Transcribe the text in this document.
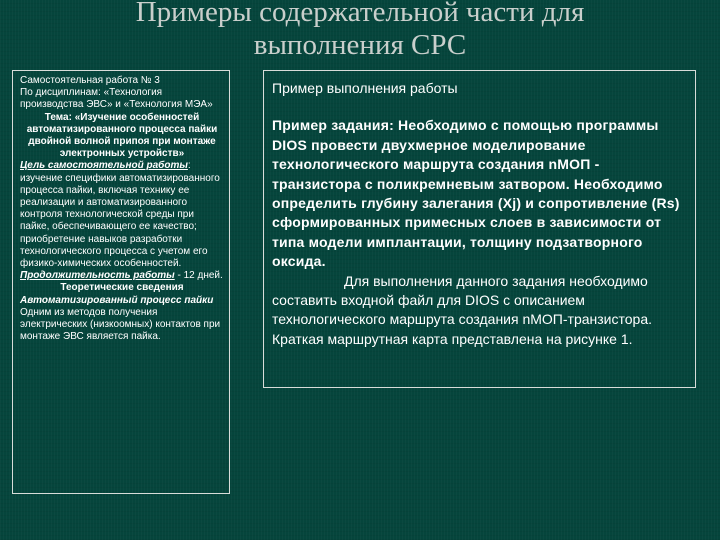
Примеры содержательной части для
выполнения СРС

Самостоятельная работа № 3

По дисциплинам: «Технология производства ЭВС» и «Технология МЭА»

Тема: «Изучение особенностей автоматизированного процесса пайки двойной волной припоя при монтаже электронных устройств»

Цель самостоятельной работы: изучение специфики автоматизированного процесса пайки, включая технику ее реализации и автоматизированного контроля технологической среды при пайке, обеспечивающего ее качество; приобретение навыков разработки технологического процесса с учетом его физико-химических особенностей.

Продолжительность работы - 12 дней.

Теоретические сведения

Автоматизированный процесс пайки

Одним из методов получения электрических (низкоомных) контактов при монтаже ЭВС является пайка.

Пример выполнения работы

Пример задания: Необходимо с помощью программы DIOS провести двухмерное моделирование технологического маршрута создания nМОП - транзистора с поликремневым затвором. Необходимо определить глубину залегания (Xj) и сопротивление (Rs) сформированных примесных слоев в зависимости от типа модели имплантации, толщину подзатворного оксида.

Для выполнения данного задания необходимо составить входной файл для DIOS с описанием технологического маршрута создания nМОП-транзистора. Краткая маршрутная карта представлена на рисунке 1.
